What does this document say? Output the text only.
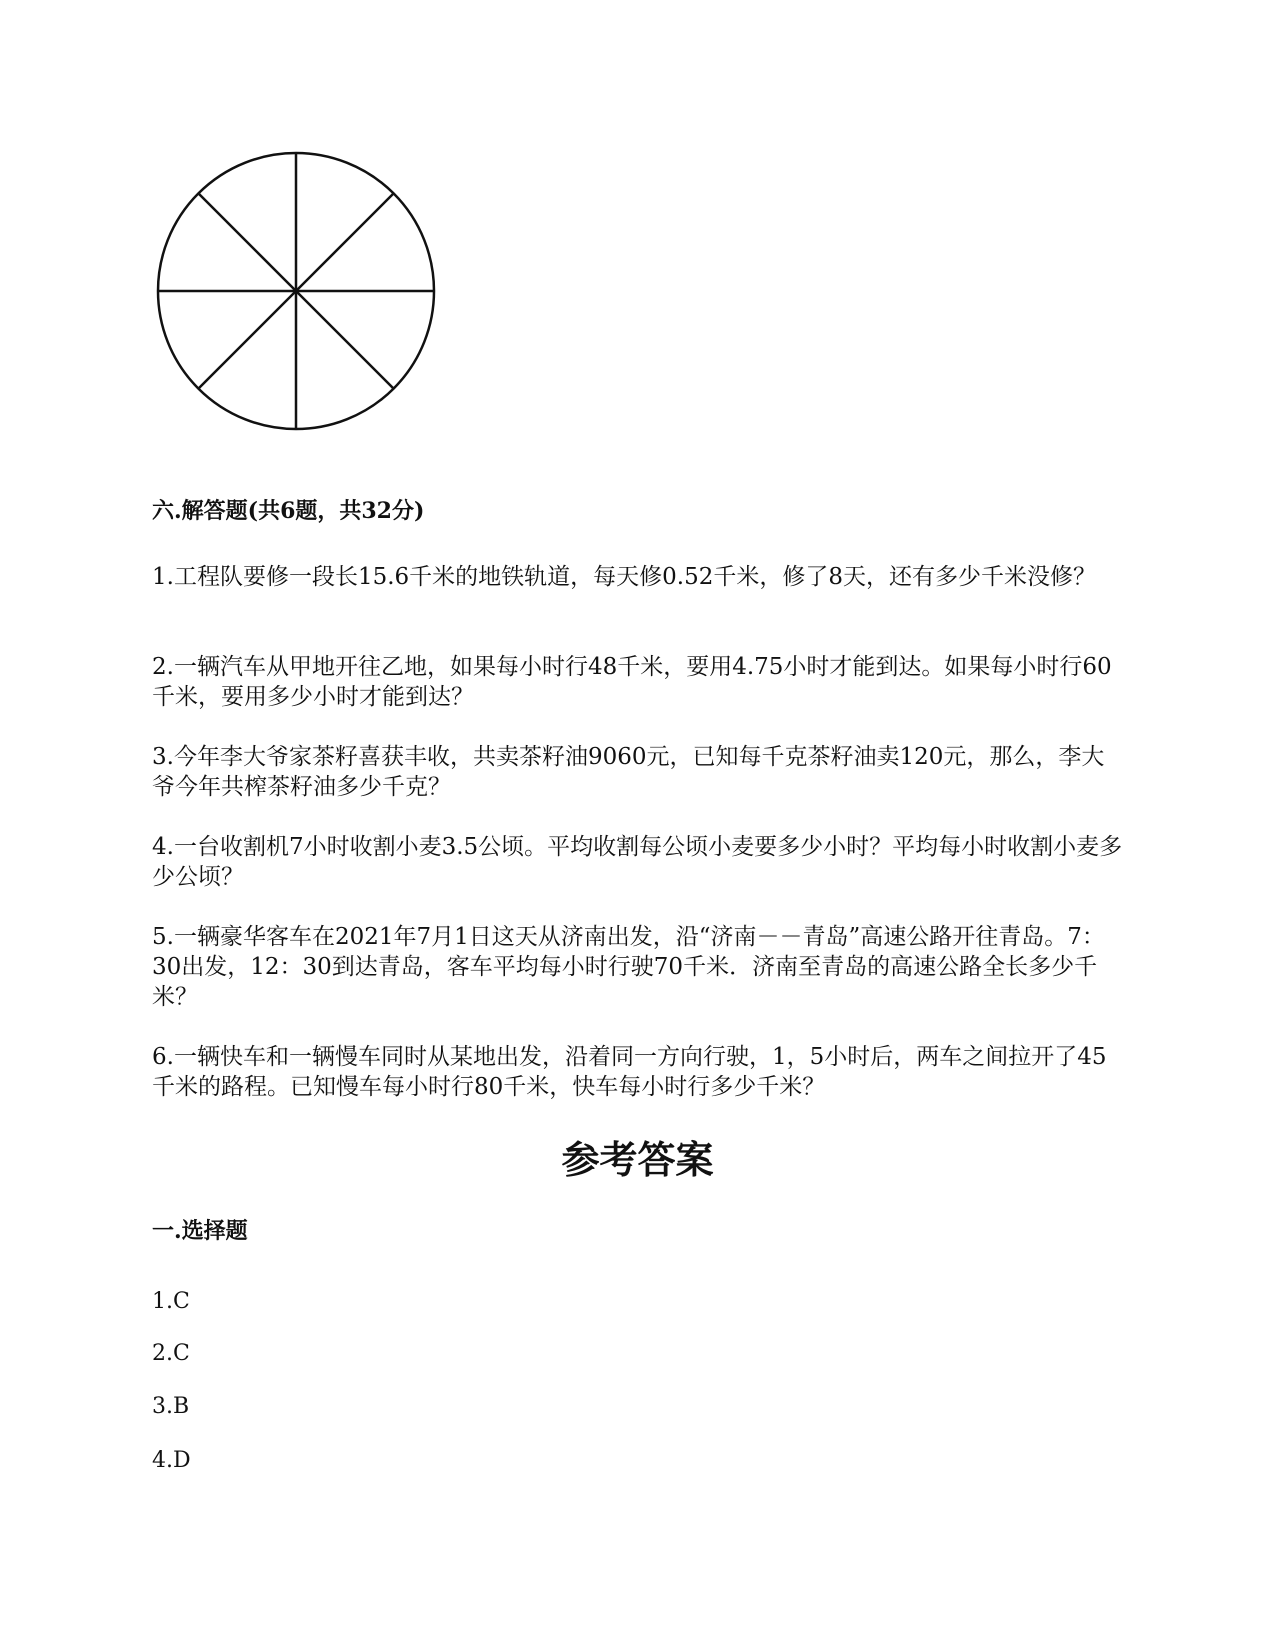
六.解答题(共6题，共32分)

1.工程队要修一段长15.6千米的地铁轨道，每天修0.52千米，修了8天，还有多少千米没修？

2.一辆汽车从甲地开往乙地，如果每小时行48千米，要用4.75小时才能到达。如果每小时行60千米，要用多少小时才能到达？

3.今年李大爷家茶籽喜获丰收，共卖茶籽油9060元，已知每千克茶籽油卖120元，那么，李大爷今年共榨茶籽油多少千克？

4.一台收割机7小时收割小麦3.5公顷。平均收割每公顷小麦要多少小时？平均每小时收割小麦多少公顷？

5.一辆豪华客车在2021年7月1日这天从济南出发，沿“济南－－青岛”高速公路开往青岛。7：30出发，12：30到达青岛，客车平均每小时行驶70千米．济南至青岛的高速公路全长多少千米？

6.一辆快车和一辆慢车同时从某地出发，沿着同一方向行驶，1，5小时后，两车之间拉开了45千米的路程。已知慢车每小时行80千米，快车每小时行多少千米？

参考答案
一.选择题
1.C
2.C
3.B
4.D
